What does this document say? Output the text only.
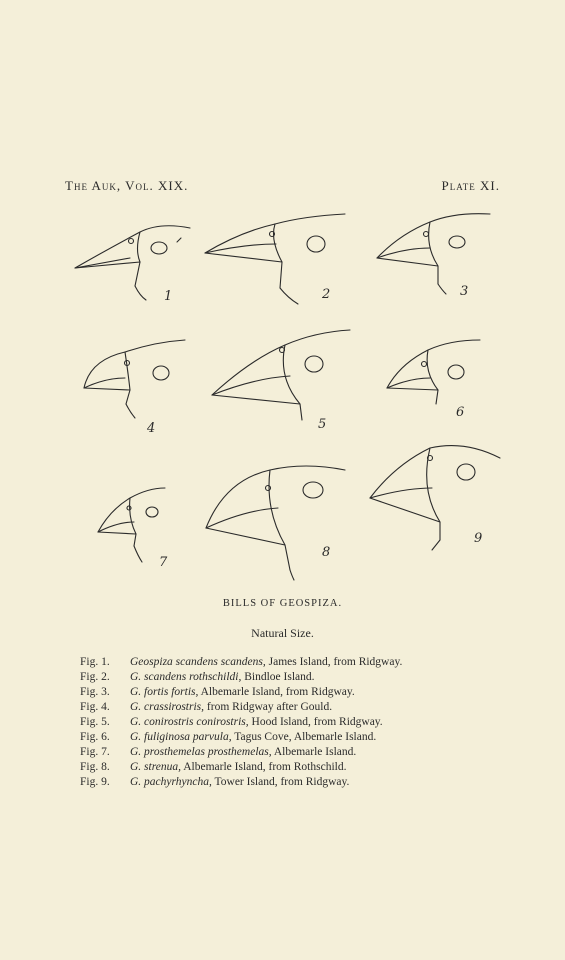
The Auk, Vol. XIX.	Plate XI.
1	2	3
4	5
6
7
8
9
BILLS OF GEOSPIZA.
Natural Size.
Fig. 1.	Geospiza scandens scandens, James Island, from Ridgway.
Fig. 2.	G. scandens rothschildi, Bindloe Island.
Fig. 3.	G. fortis fortis, Albemarle Island, from Ridgway.
Fig. 4.	G. crassirostris, from Ridgway after Gould.
Fig. 5.	G. conirostris conirostris, Hood Island, from Ridgway.
Fig. 6.	G. fuliginosa parvula, Tagus Cove, Albemarle Island.
Fig. 7.	G. prosthemelas prosthemelas, Albemarle Island.
Fig. 8.	G. strenua, Albemarle Island, from Rothschild.
Fig. 9.	G. pachyrhyncha, Tower Island, from Ridgway.
